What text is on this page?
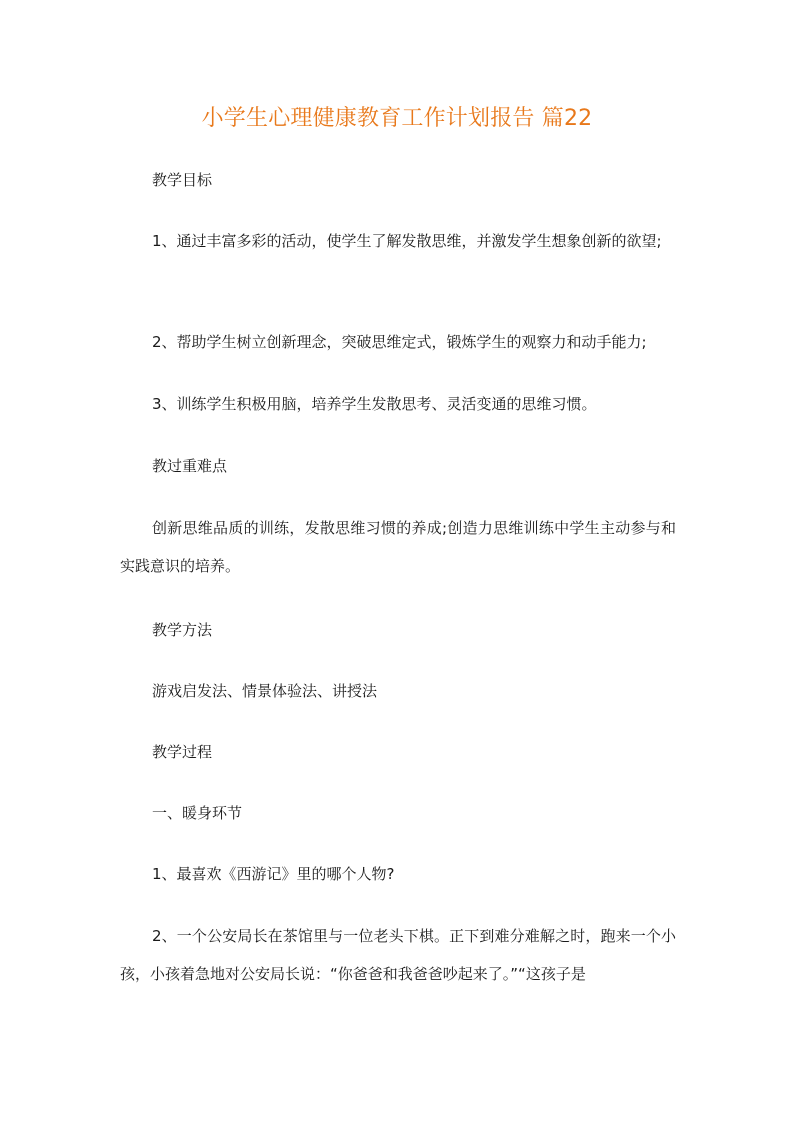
小学生心理健康教育工作计划报告 篇22

教学目标

1、通过丰富多彩的活动，使学生了解发散思维，并激发学生想象创新的欲望;

2、帮助学生树立创新理念，突破思维定式，锻炼学生的观察力和动手能力;

3、训练学生积极用脑，培养学生发散思考、灵活变通的思维习惯。

教过重难点

创新思维品质的训练，发散思维习惯的养成;创造力思维训练中学生主动参与和实践意识的培养。

教学方法

游戏启发法、情景体验法、讲授法

教学过程

一、暖身环节

1、最喜欢《西游记》里的哪个人物?

2、一个公安局长在茶馆里与一位老头下棋。正下到难分难解之时，跑来一个小孩，小孩着急地对公安局长说：“你爸爸和我爸爸吵起来了。”“这孩子是
